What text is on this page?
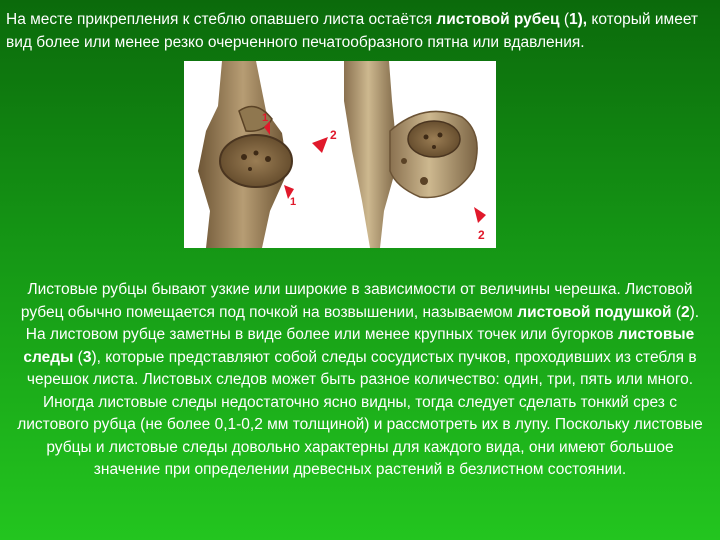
На месте прикрепления к стеблю опавшего листа остаётся листовой рубец (1), который имеет вид более или менее резко очерченного печатообразного пятна или вдавления.

1
2
1
2

Листовые рубцы бывают узкие или широкие в зависимости от величины черешка. Листовой рубец обычно помещается под почкой на возвышении, называемом листовой подушкой (2). На листовом рубце заметны в виде более или менее крупных точек или бугорков листовые следы (3), которые представляют собой следы сосудистых пучков, проходивших из стебля в черешок листа. Листовых следов может быть разное количество: один, три, пять или много. Иногда листовые следы недостаточно ясно видны, тогда следует сделать тонкий срез с листового рубца (не более 0,1-0,2 мм толщиной) и рассмотреть их в лупу. Поскольку листовые рубцы и листовые следы довольно характерны для каждого вида, они имеют большое значение при определении древесных растений в безлистном состоянии.
